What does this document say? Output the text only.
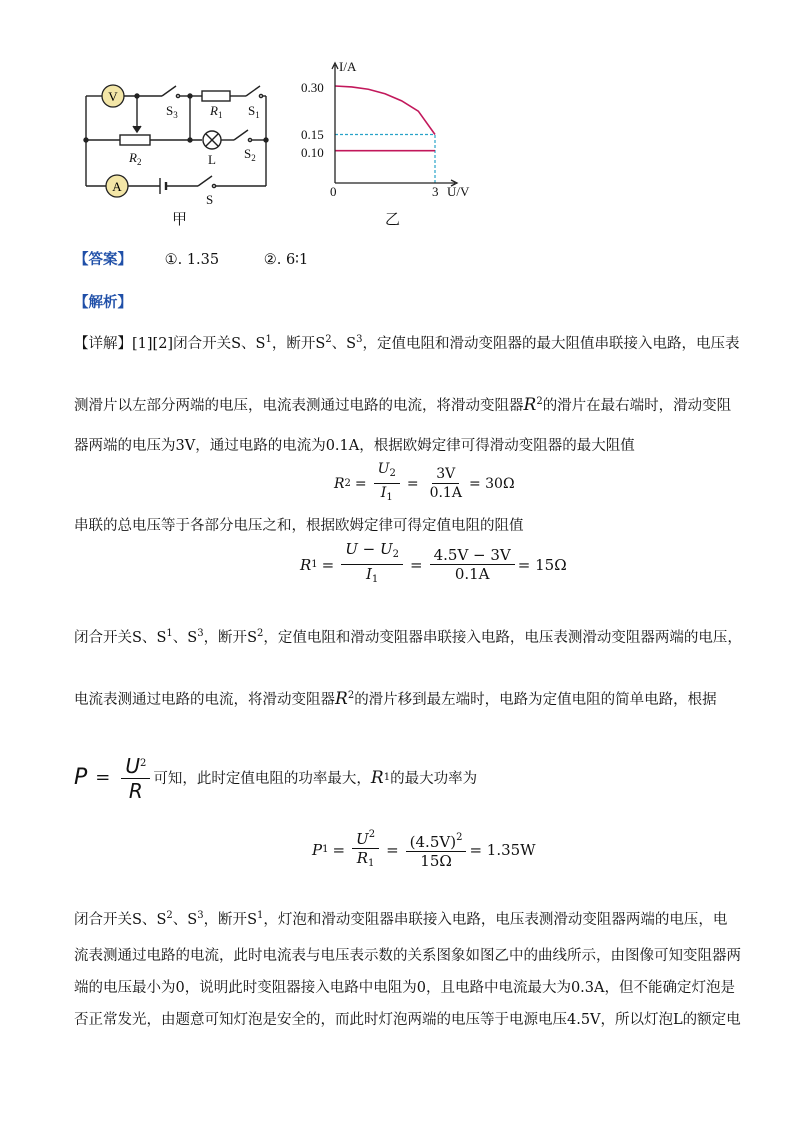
V
A
$S_3$ $R_1$ $S_1$
$R_2$	L $S_2$
S
甲
I/A
U/V
0.30
0.15
0.10
0	3
乙
【答案】 ①. 1.35	②. 6∶1
【解析】
【详解】[1][2]闭合开关S、$S^1$，断开$S^2$、$S^3$，定值电阻和滑动变阻器的最大阻值串联接入电路，电压表
测滑片以左部分两端的电压，电流表测通过电路的电流，将滑动变阻器$R^2$的滑片在最右端时，滑动变阻
器两端的电压为3V，通过电路的电流为0.1A，根据欧姆定律可得滑动变阻器的最大阻值
R $2 = \frac{U_2}{I_1} = \frac{3V}{0.1A} = 30\Omega$
串联的总电压等于各部分电压之和，根据欧姆定律可得定值电阻的阻值
R $1 = \frac{U - U_2}{I_1} = \frac{4.5V - 3V}{0.1A} = 15\Omega$
闭合开关S、$S^1$、$S^3$，断开$S^2$，定值电阻和滑动变阻器串联接入电路，电压表测滑动变阻器两端的电压，
电流表测通过电路的电流，将滑动变阻器$R^2$的滑片移到最左端时，电路为定值电阻的简单电路，根据
$P = \frac{U^2}{R}$ 可知，此时定值电阻的功率最大， R 1 的最大功率为
P $1 = \frac{U^2}{R_1} = \frac{(4.5V)^2}{15\Omega} = 1.35W$
闭合开关S、$S^2$、$S^3$，断开$S^1$，灯泡和滑动变阻器串联接入电路，电压表测滑动变阻器两端的电压，电
流表测通过电路的电流，此时电流表与电压表示数的关系图象如图乙中的曲线所示，由图像可知变阻器两
端的电压最小为0，说明此时变阻器接入电路中电阻为0，且电路中电流最大为0.3A，但不能确定灯泡是
否正常发光，由题意可知灯泡是安全的，而此时灯泡两端的电压等于电源电压4.5V，所以灯泡L的额定电
